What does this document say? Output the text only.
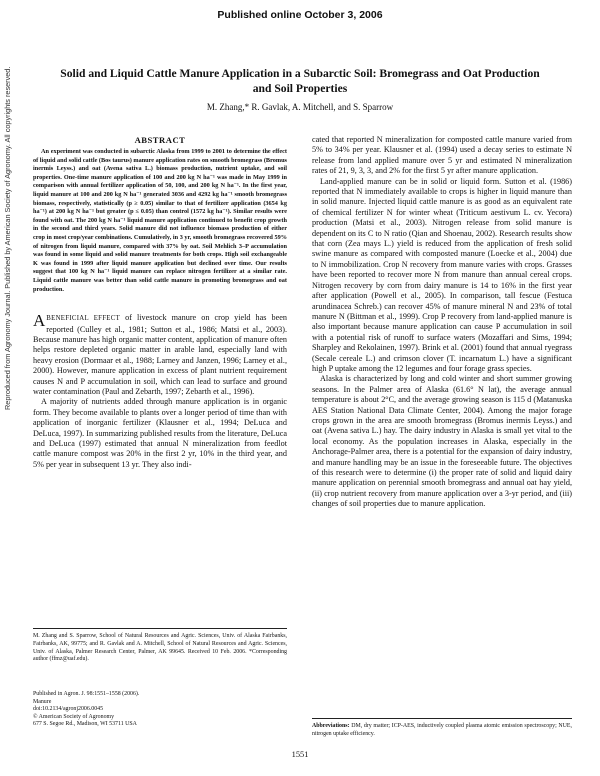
Published online October 3, 2006
Reproduced from Agronomy Journal. Published by American Society of Agronomy. All copyrights reserved.	Solid and Liquid Cattle Manure Application in a Subarctic Soil: Bromegrass and Oat Production and Soil Properties
M. Zhang,* R. Gavlak, A. Mitchell, and S. Sparrow
ABSTRACT

An experiment was conducted in subarctic Alaska from 1999 to 2001 to determine the effect of liquid and solid cattle (Bos taurus) manure application rates on smooth bromegrass (Bromus inermis Leyss.) and oat (Avena sativa L.) biomass production, nutrient uptake, and soil properties. One-time manure application of 100 and 200 kg N ha⁻¹ was made in May 1999 in comparison with annual fertilizer application of 50, 100, and 200 kg N ha⁻¹. In the first year, liquid manure at 100 and 200 kg N ha⁻¹ generated 3036 and 4292 kg ha⁻¹ smooth bromegrass biomass, respectively, statistically (p ≥ 0.05) similar to that of fertilizer application (3654 kg ha⁻¹) at 200 kg N ha⁻¹ but greater (p ≤ 0.05) than control (1572 kg ha⁻¹). Similar results were found with oat. The 200 kg N ha⁻¹ liquid manure application continued to benefit crop growth in the second and third years. Solid manure did not influence biomass production of either crop in most crop/year combinations. Cumulatively, in 3 yr, smooth bromegrass recovered 59% of nitrogen from liquid manure, compared with 37% by oat. Soil Mehlich 3–P accumulation was found in some liquid and solid manure treatments for both crops. High soil exchangeable K was found in 1999 after liquid manure application but declined over time. Our results suggest that 100 kg N ha⁻¹ liquid manure can replace nitrogen fertilizer at a similar rate. Liquid cattle manure was better than solid cattle manure in promoting bromegrass and oat production.

ABENEFICIAL EFFECT of livestock manure on crop yield has been reported (Culley et al., 1981; Sutton et al., 1986; Matsi et al., 2003). Because manure has high organic matter content, application of manure often helps restore depleted organic matter in arable land, especially land with heavy erosion (Dormaar et al., 1988; Larney and Janzen, 1996; Larney et al., 2000). However, manure application in excess of plant nutrient requirement causes N and P accumulation in soil, which can lead to surface and ground water contamination (Paul and Zebarth, 1997; Zebarth et al., 1996).

A majority of nutrients added through manure application is in organic form. They become available to plants over a longer period of time than with application of inorganic fertilizer (Klausner et al., 1994; DeLuca and DeLuca, 1997). In summarizing published results from the literature, DeLuca and DeLuca (1997) estimated that annual N mineralization from feedlot cattle manure compost was 20% in the first 2 yr, 10% in the third year, and 5% per year in subsequent 13 yr. They also indi-

cated that reported N mineralization for composted cattle manure varied from 5% to 34% per year. Klausner et al. (1994) used a decay series to estimate N release from land applied manure over 5 yr and estimated N mineralization rates of 21, 9, 3, 3, and 2% for the first 5 yr after manure application.

Land-applied manure can be in solid or liquid form. Sutton et al. (1986) reported that N immediately available to crops is higher in liquid manure than in solid manure. Injected liquid cattle manure is as good as an equivalent rate of chemical fertilizer N for winter wheat (Triticum aestivum L. cv. Yecora) production (Matsi et al., 2003). Nitrogen release from solid manure is dependent on its C to N ratio (Qian and Shoenau, 2002). Research results show that corn (Zea mays L.) yield is reduced from the application of fresh solid swine manure as compared with composted manure (Loecke et al., 2004) due to N immobilization. Crop N recovery from manure varies with crops. Grasses have been reported to recover more N from manure than annual cereal crops. Nitrogen recovery by corn from dairy manure is 14 to 16% in the first year after application (Powell et al., 2005). In comparison, tall fescue (Festuca arundinacea Schreb.) can recover 45% of manure mineral N and 23% of total manure N (Bittman et al., 1999). Crop P recovery from land-applied manure is also important because manure application can cause P accumulation in soil with a potential risk of runoff to surface waters (Mozaffari and Sims, 1994; Sharpley and Rekolainen, 1997). Brink et al. (2001) found that annual ryegrass (Secale cereale L.) and crimson clover (T. incarnatum L.) have a significant high P uptake among the 12 legumes and four forage grass species.

Alaska is characterized by long and cold winter and short summer growing seasons. In the Palmer area of Alaska (61.6° N lat), the average annual temperature is about 2°C, and the average growing season is 115 d (Matanuska AES Station National Data Climate Center, 2004). Among the major forage crops grown in the area are smooth bromegrass (Bromus inermis Leyss.) and oat (Avena sativa L.) hay. The dairy industry in Alaska is small yet vital to the local economy. As the population increases in Alaska, especially in the Anchorage-Palmer area, there is a potential for the expansion of dairy industry, and manure handling may be an issue in the foreseeable future. The objectives of this research were to determine (i) the proper rate of solid and liquid dairy manure application on perennial smooth bromegrass and annual oat hay yield, (ii) crop nutrient recovery from manure application over a 3-yr period, and (iii) changes of soil properties due to manure application.

M. Zhang and S. Sparrow, School of Natural Resources and Agric. Sciences, Univ. of Alaska Fairbanks, Fairbanks, AK, 99775; and R. Gavlak and A. Mitchell, School of Natural Resources and Agric. Sciences, Univ. of Alaska, Palmer Research Center, Palmer, AK 99645. Received 10 Feb. 2006. *Corresponding author (ffmz@uaf.edu).

Published in Agron. J. 98:1551–1558 (2006).
Manure
doi:10.2134/agronj2006.0045
© American Society of Agronomy
677 S. Segoe Rd., Madison, WI 53711 USA	Abbreviations: DM, dry matter; ICP-AES, inductively coupled plasma atomic emission spectroscopy; NUE, nitrogen uptake efficiency.
1551
